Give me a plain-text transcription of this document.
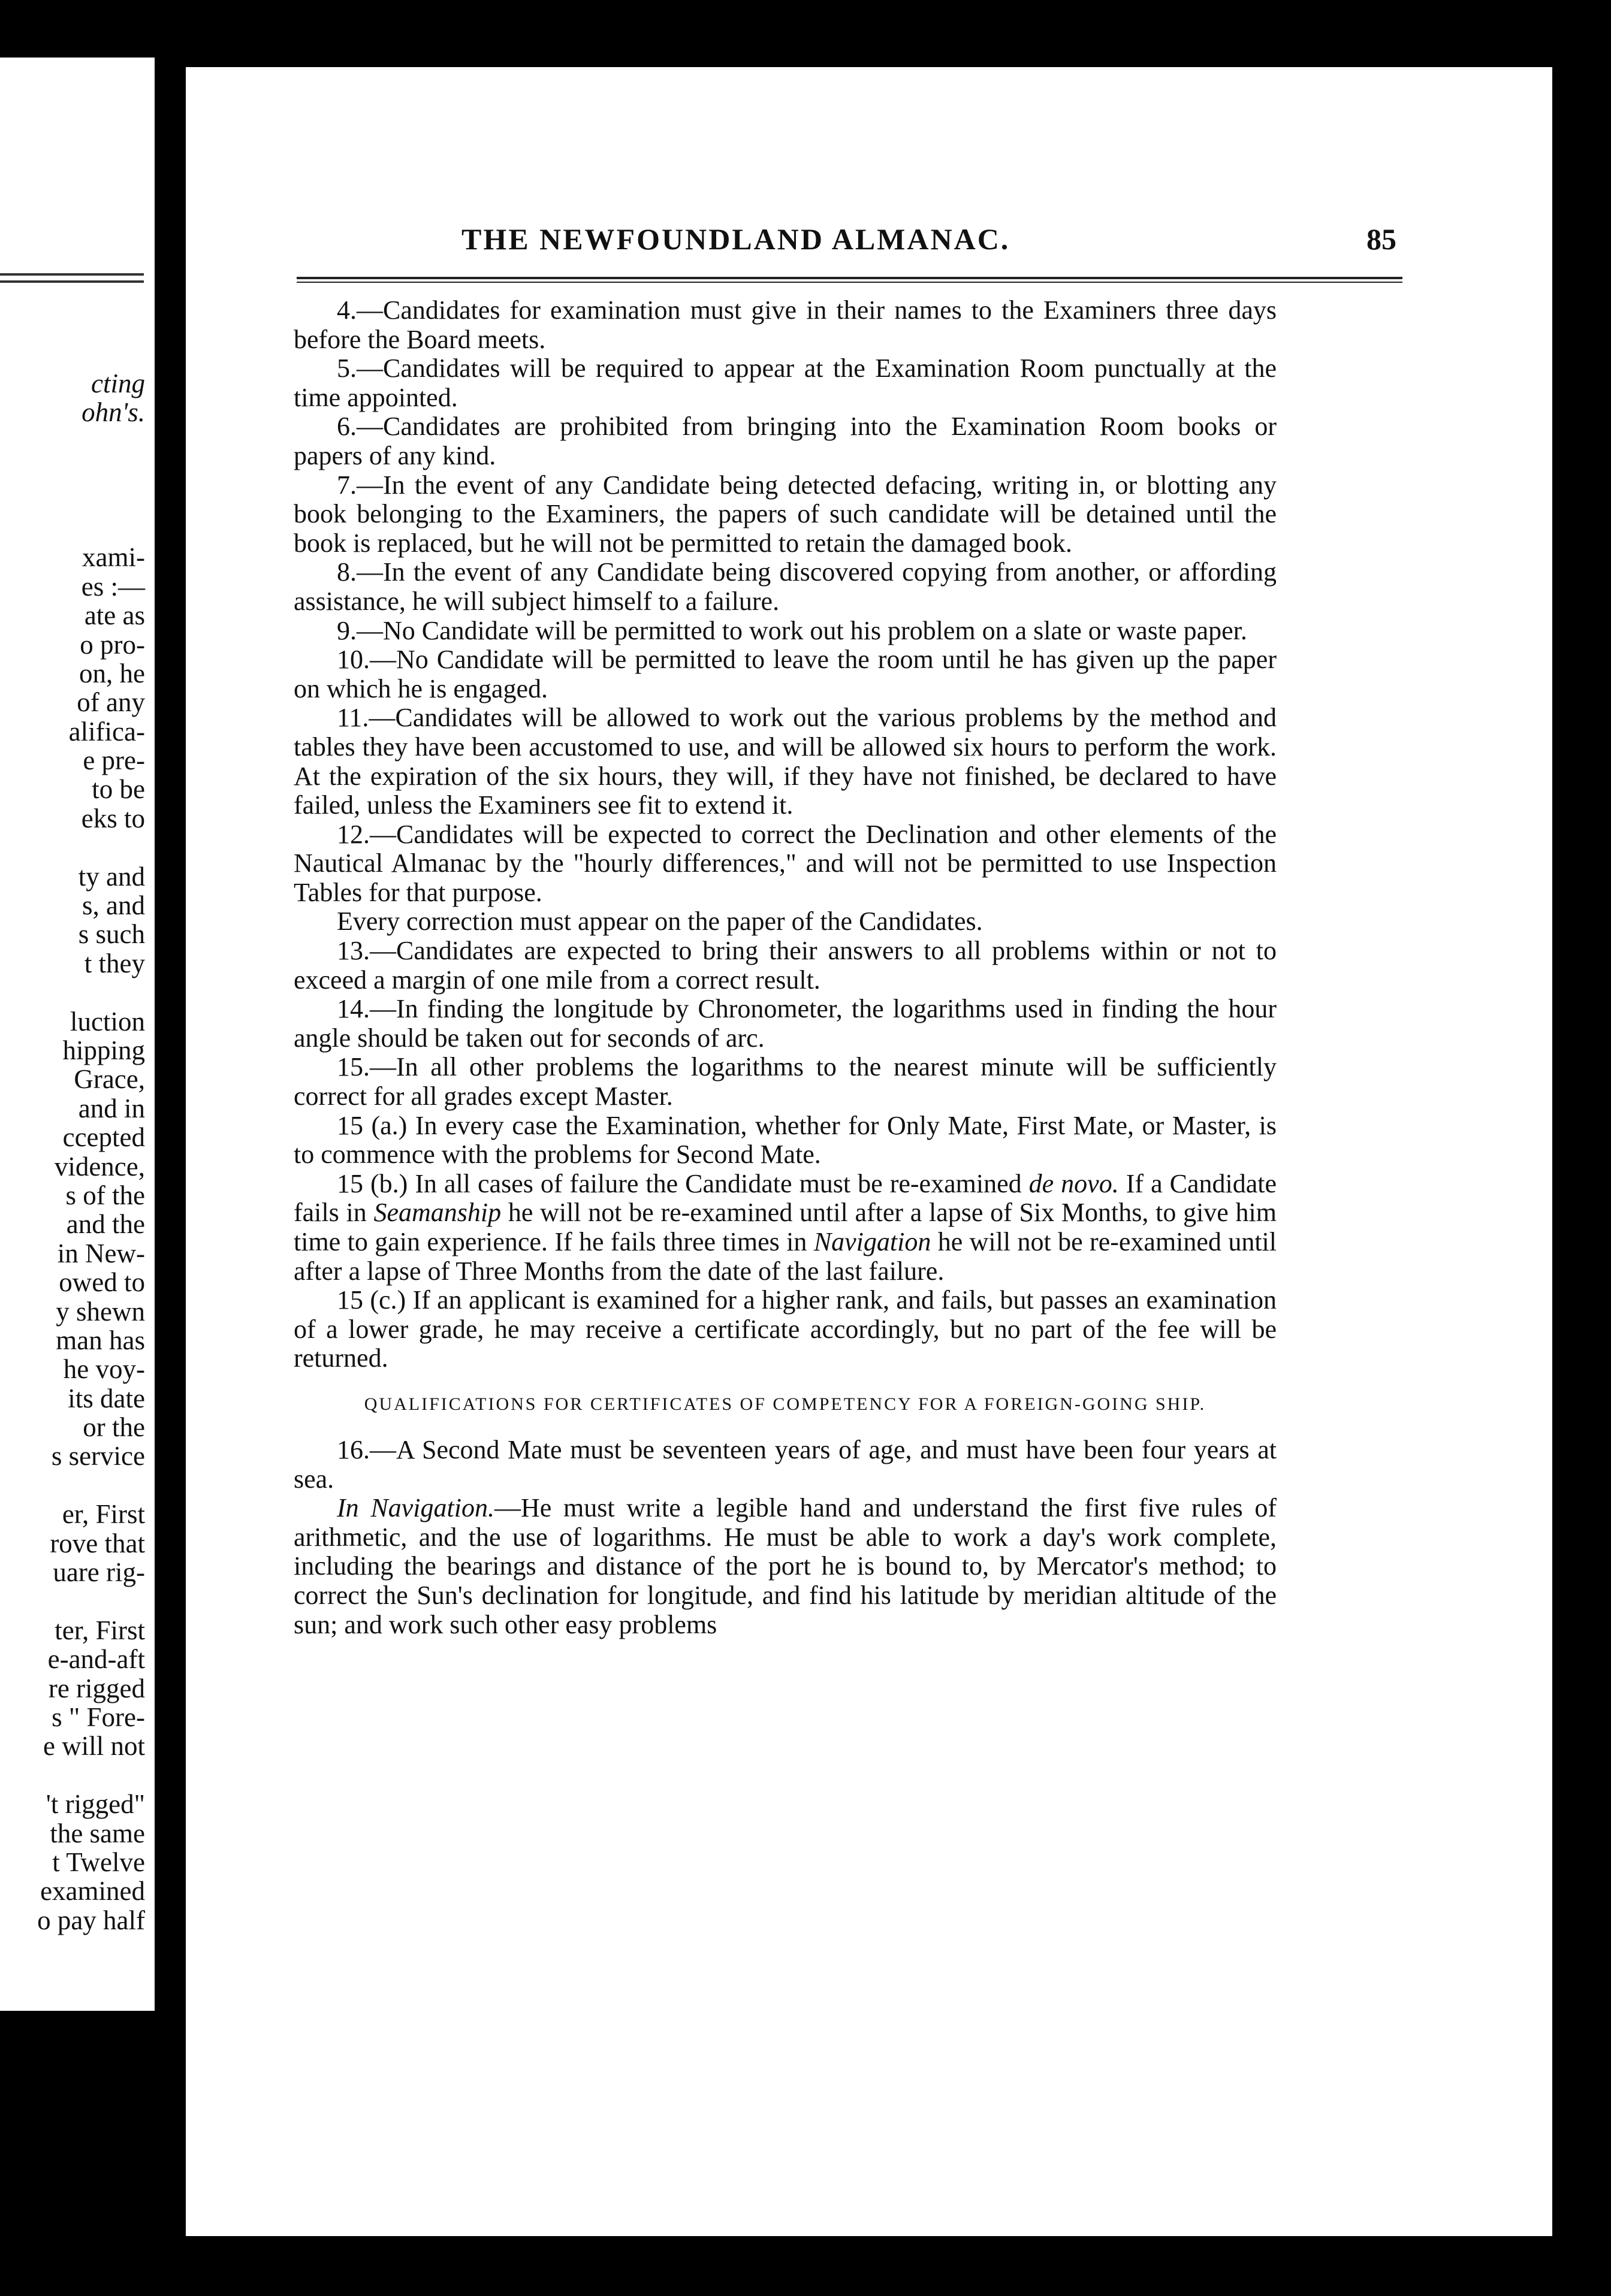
cting
ohn's.
xami-
es :—
ate as
o pro-
on, he
of any
alifica-
e pre-
to be
eks to
ty and
s, and
s such
t they
luction
hipping
Grace,
and in
ccepted
vidence,
s of the
and the
in New-
owed to
y shewn
man has
he voy-
its date
or the
s service
er, First
rove that
uare rig-
ter, First
e-and-aft
re rigged
s " Fore-
e will not
't rigged"
the same
t Twelve
examined
o pay half
THE NEWFOUNDLAND ALMANAC.	85

4.—Candidates for examination must give in their names to the Examiners three days before the Board meets.

5.—Candidates will be required to appear at the Examination Room punctually at the time appointed.

6.—Candidates are prohibited from bringing into the Examination Room books or papers of any kind.

7.—In the event of any Candidate being detected defacing, writing in, or blotting any book belonging to the Examiners, the papers of such candidate will be detained until the book is replaced, but he will not be permitted to retain the damaged book.

8.—In the event of any Candidate being discovered copying from another, or affording assistance, he will subject himself to a failure.

9.—No Candidate will be permitted to work out his problem on a slate or waste paper.

10.—No Candidate will be permitted to leave the room until he has given up the paper on which he is engaged.

11.—Candidates will be allowed to work out the various problems by the method and tables they have been accustomed to use, and will be allowed six hours to perform the work. At the expiration of the six hours, they will, if they have not finished, be declared to have failed, unless the Examiners see fit to extend it.

12.—Candidates will be expected to correct the Declination and other elements of the Nautical Almanac by the "hourly differences," and will not be permitted to use Inspection Tables for that purpose.

Every correction must appear on the paper of the Candidates.

13.—Candidates are expected to bring their answers to all problems within or not to exceed a margin of one mile from a correct result.

14.—In finding the longitude by Chronometer, the logarithms used in finding the hour angle should be taken out for seconds of arc.

15.—In all other problems the logarithms to the nearest minute will be sufficiently correct for all grades except Master.

15 (a.) In every case the Examination, whether for Only Mate, First Mate, or Master, is to commence with the problems for Second Mate.

15 (b.) In all cases of failure the Candidate must be re-examined de novo. If a Candidate fails in Seamanship he will not be re-examined until after a lapse of Six Months, to give him time to gain experience. If he fails three times in Navigation he will not be re-examined until after a lapse of Three Months from the date of the last failure.

15 (c.) If an applicant is examined for a higher rank, and fails, but passes an examination of a lower grade, he may receive a certificate accordingly, but no part of the fee will be returned.

QUALIFICATIONS FOR CERTIFICATES OF COMPETENCY FOR A FOREIGN-GOING SHIP.

16.—A Second Mate must be seventeen years of age, and must have been four years at sea.

In Navigation.—He must write a legible hand and understand the first five rules of arithmetic, and the use of logarithms. He must be able to work a day's work complete, including the bearings and distance of the port he is bound to, by Mercator's method; to correct the Sun's declination for longitude, and find his latitude by meridian altitude of the sun; and work such other easy problems
